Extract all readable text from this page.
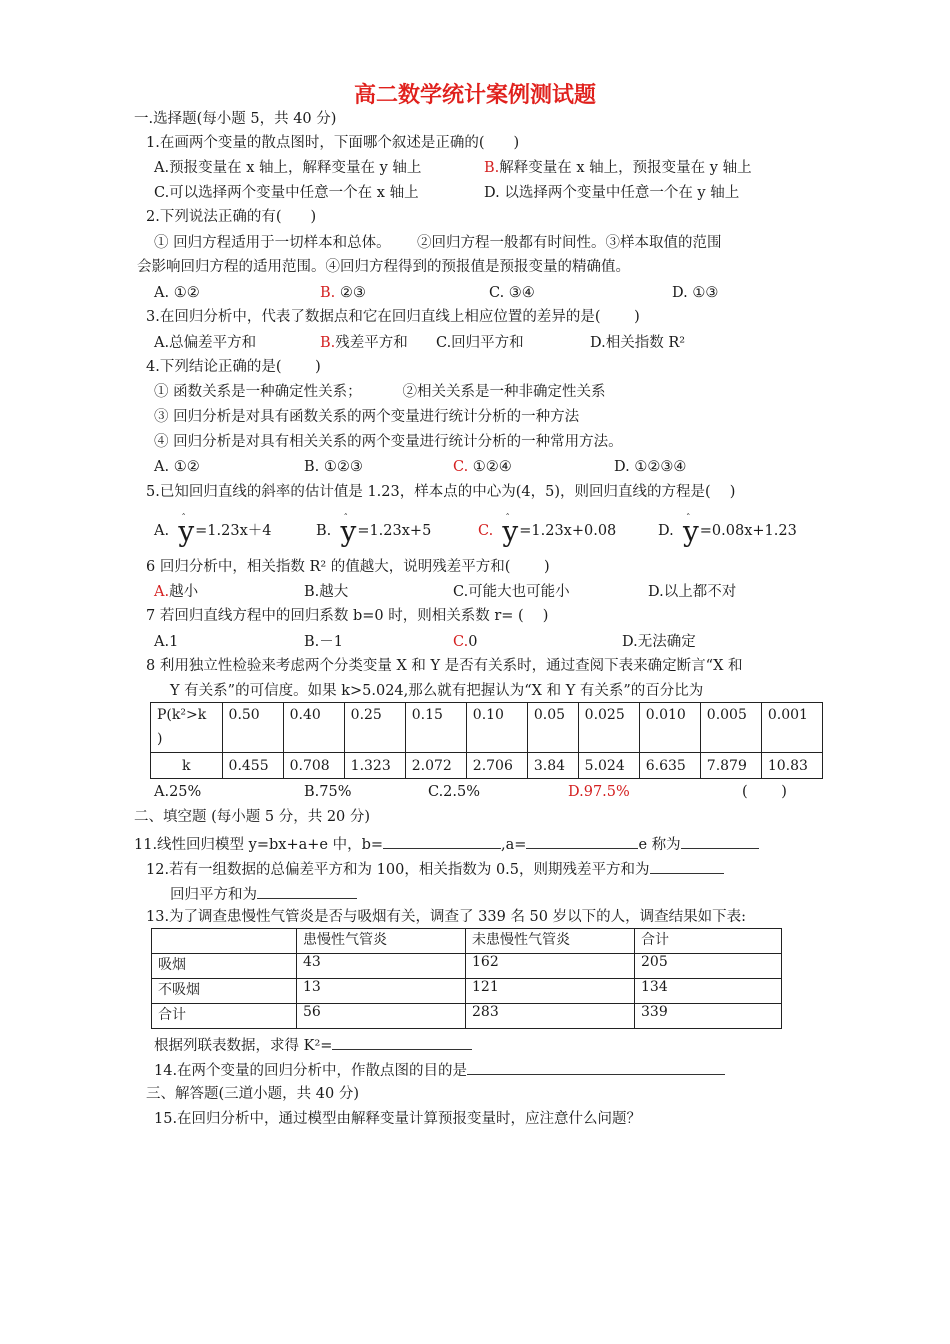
高二数学统计案例测试题
一.选择题(每小题 5，共 40 分)
1.在画两个变量的散点图时，下面哪个叙述是正确的(　　)
A.预报变量在 x 轴上，解释变量在 y 轴上	B.解释变量在 x 轴上，预报变量在 y 轴上
C.可以选择两个变量中任意一个在 x 轴上	D. 以选择两个变量中任意一个在 y 轴上
2.下列说法正确的有(　　)
① 回归方程适用于一切样本和总体。　　 ②回归方程一般都有时间性。③样本取值的范围
会影响回归方程的适用范围。④回归方程得到的预报值是预报变量的精确值。
A. ①②	B. ②③	C. ③④	D. ①③
3.在回归分析中，代表了数据点和它在回归直线上相应位置的差异的是(　　 )
A.总偏差平方和	B.残差平方和 C.回归平方和	D.相关指数 R²
4.下列结论正确的是(　　 )
① 函数关系是一种确定性关系；　　　 ②相关关系是一种非确定性关系
③ 回归分析是对具有函数关系的两个变量进行统计分析的一种方法
④ 回归分析是对具有相关关系的两个变量进行统计分析的一种常用方法。
A. ①②	B. ①②③	C. ①②④	D. ①②③④
5.已知回归直线的斜率的估计值是 1.23，样本点的中心为(4，5)，则回归直线的方程是(　 )
A. ˆ y=1.23x＋4	B. ˆ y=1.23x+5	C. ˆ y=1.23x+0.08	D. ˆ y=0.08x+1.23
6 回归分析中，相关指数 R² 的值越大，说明残差平方和(　　 )
A.越小	B.越大	C.可能大也可能小	D.以上都不对
7 若回归直线方程中的回归系数 b=0 时，则相关系数 r= (　 )
A.1	B.－1	C.0	D.无法确定
8 利用独立性检验来考虑两个分类变量 X 和 Y 是否有关系时，通过查阅下表来确定断言“X 和
Y 有关系”的可信度。如果 k>5.024,那么就有把握认为“X 和 Y 有关系”的百分比为
P(k²>k
)	0.50	0.40	0.25	0.15	0.10	0.05	0.025	0.010	0.005	0.001
k	0.455	0.708	1.323	2.072	2.706	3.84	5.024	6.635	7.879	10.83
A.25%	B.75%	C.2.5%	D.97.5%	(　　 )
二、填空题 (每小题 5 分，共 20 分)
11.线性回归模型 y=bx+a+e 中，b=	,a=	e 称为
12.若有一组数据的总偏差平方和为 100，相关指数为 0.5，则期残差平方和为
回归平方和为
13.为了调查患慢性气管炎是否与吸烟有关，调查了 339 名 50 岁以下的人，调查结果如下表:
	患慢性气管炎	未患慢性气管炎	合计
吸烟	43	162	205
不吸烟	13	121	134
合计	56	283	339
根据列联表数据，求得 K²=
14.在两个变量的回归分析中，作散点图的目的是
三、解答题(三道小题，共 40 分)
15.在回归分析中，通过模型由解释变量计算预报变量时，应注意什么问题？
